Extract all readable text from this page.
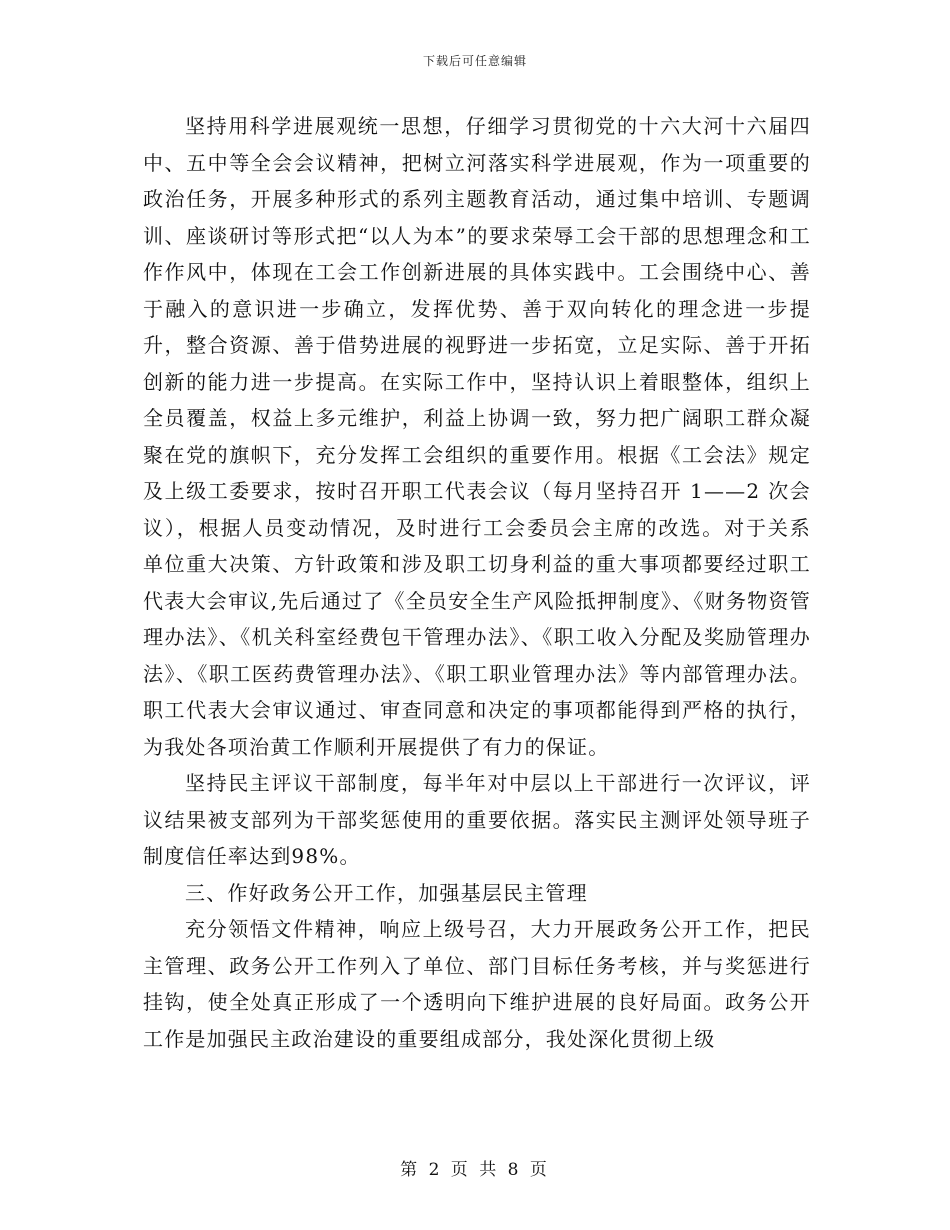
下载后可任意编辑

坚持用科学进展观统一思想，仔细学习贯彻党的十六大河十六届四中、五中等全会会议精神，把树立河落实科学进展观，作为一项重要的政治任务，开展多种形式的系列主题教育活动，通过集中培训、专题调训、座谈研讨等形式把“以人为本”的要求荣辱工会干部的思想理念和工作作风中，体现在工会工作创新进展的具体实践中。工会围绕中心、善于融入的意识进一步确立，发挥优势、善于双向转化的理念进一步提升，整合资源、善于借势进展的视野进一步拓宽，立足实际、善于开拓创新的能力进一步提高。在实际工作中，坚持认识上着眼整体，组织上全员覆盖，权益上多元维护，利益上协调一致，努力把广阔职工群众凝聚在党的旗帜下，充分发挥工会组织的重要作用。根据《工会法》规定及上级工委要求，按时召开职工代表会议（每月坚持召开 1——2 次会议），根据人员变动情况，及时进行工会委员会主席的改选。对于关系单位重大决策、方针政策和涉及职工切身利益的重大事项都要经过职工代表大会审议,先后通过了《全员安全生产风险抵押制度》、《财务物资管理办法》、《机关科室经费包干管理办法》、《职工收入分配及奖励管理办法》、《职工医药费管理办法》、《职工职业管理办法》等内部管理办法。职工代表大会审议通过、审查同意和决定的事项都能得到严格的执行，为我处各项治黄工作顺利开展提供了有力的保证。

坚持民主评议干部制度，每半年对中层以上干部进行一次评议，评议结果被支部列为干部奖惩使用的重要依据。落实民主测评处领导班子制度信任率达到98%。

三、作好政务公开工作，加强基层民主管理

充分领悟文件精神，响应上级号召，大力开展政务公开工作，把民主管理、政务公开工作列入了单位、部门目标任务考核，并与奖惩进行挂钩，使全处真正形成了一个透明向下维护进展的良好局面。政务公开工作是加强民主政治建设的重要组成部分，我处深化贯彻上级

第 2 页 共 8 页
